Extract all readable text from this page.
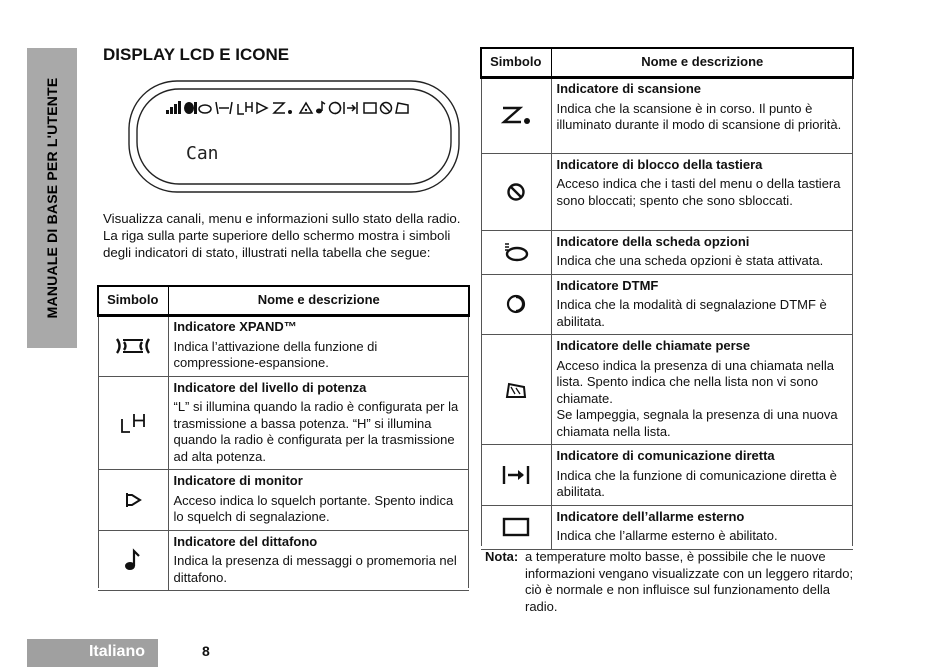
MANUALE DI BASE PER L'UTENTE
DISPLAY LCD E ICONE
Can
Visualizza canali, menu e informazioni sullo stato della radio. La riga sulla parte superiore dello schermo mostra i simboli degli indicatori di stato, illustrati nella tabella che segue:
Simbolo	Nome e descrizione

Indicatore XPAND™
Indica l’attivazione della funzione di compressione-espansione.

Indicatore del livello di potenza
“L” si illumina quando la radio è configurata per la trasmissione a bassa potenza. “H” si illumina quando la radio è configurata per la trasmissione ad alta potenza.

Indicatore di monitor
Acceso indica lo squelch portante. Spento indica lo squelch di segnalazione.

Indicatore del dittafono
Indica la presenza di messaggi o promemoria nel dittafono.
Simbolo	Nome e descrizione

Indicatore di scansione
Indica che la scansione è in corso. Il punto è illuminato durante il modo di scansione di priorità.

Indicatore di blocco della tastiera
Acceso indica che i tasti del menu o della tastiera sono bloccati; spento che sono sbloccati.

Indicatore della scheda opzioni
Indica che una scheda opzioni è stata attivata.

Indicatore DTMF
Indica che la modalità di segnalazione DTMF è abilitata.

Indicatore delle chiamate perse
Acceso indica la presenza di una chiamata nella lista. Spento indica che nella lista non vi sono chiamate.
Se lampeggia, segnala la presenza di una nuova chiamata nella lista.

Indicatore di comunicazione diretta
Indica che la funzione di comunicazione diretta è abilitata.

Indicatore dell’allarme esterno
Indica che l’allarme esterno è abilitato.
Nota: a temperature molto basse, è possibile che le nuove informazioni vengano visualizzate con un leggero ritardo; ciò è normale e non influisce sul funzionamento della radio.
Italiano	8
